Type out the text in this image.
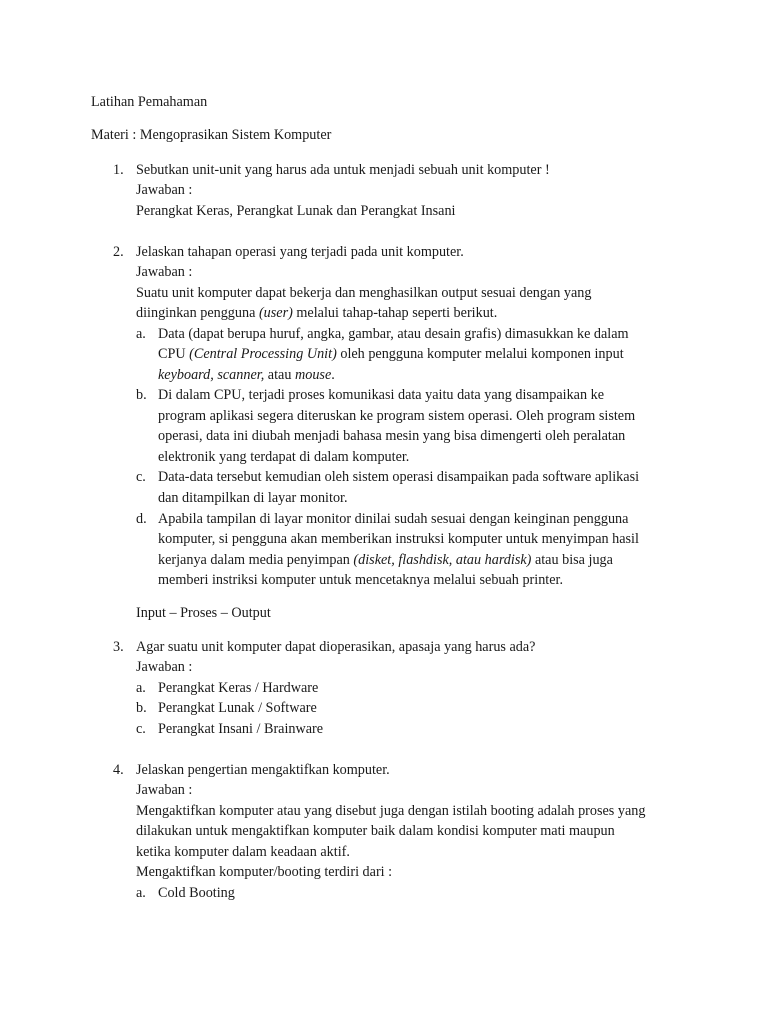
Latihan Pemahaman
Materi : Mengoprasikan Sistem Komputer
1. Sebutkan unit-unit yang harus ada untuk menjadi sebuah unit komputer !
Jawaban :
Perangkat Keras, Perangkat Lunak dan Perangkat Insani
2. Jelaskan tahapan operasi yang terjadi pada unit komputer.
Jawaban :
Suatu unit komputer dapat bekerja dan menghasilkan output sesuai dengan yang
diinginkan pengguna (user) melalui tahap-tahap seperti berikut.
a. Data (dapat berupa huruf, angka, gambar, atau desain grafis) dimasukkan ke dalam
CPU (Central Processing Unit) oleh pengguna komputer melalui komponen input
keyboard, scanner, atau mouse.
b. Di dalam CPU, terjadi proses komunikasi data yaitu data yang disampaikan ke
program aplikasi segera diteruskan ke program sistem operasi. Oleh program sistem
operasi, data ini diubah menjadi bahasa mesin yang bisa dimengerti oleh peralatan
elektronik yang terdapat di dalam komputer.
c. Data-data tersebut kemudian oleh sistem operasi disampaikan pada software aplikasi
dan ditampilkan di layar monitor.
d. Apabila tampilan di layar monitor dinilai sudah sesuai dengan keinginan pengguna
komputer, si pengguna akan memberikan instruksi komputer untuk menyimpan hasil
kerjanya dalam media penyimpan (disket, flashdisk, atau hardisk) atau bisa juga
memberi instriksi komputer untuk mencetaknya melalui sebuah printer.
Input – Proses – Output
3. Agar suatu unit komputer dapat dioperasikan, apasaja yang harus ada?
Jawaban :
a. Perangkat Keras / Hardware
b. Perangkat Lunak / Software
c. Perangkat Insani / Brainware
4. Jelaskan pengertian mengaktifkan komputer.
Jawaban :
Mengaktifkan komputer atau yang disebut juga dengan istilah booting adalah proses yang
dilakukan untuk mengaktifkan komputer baik dalam kondisi komputer mati maupun
ketika komputer dalam keadaan aktif.
Mengaktifkan komputer/booting terdiri dari :
a. Cold Booting
